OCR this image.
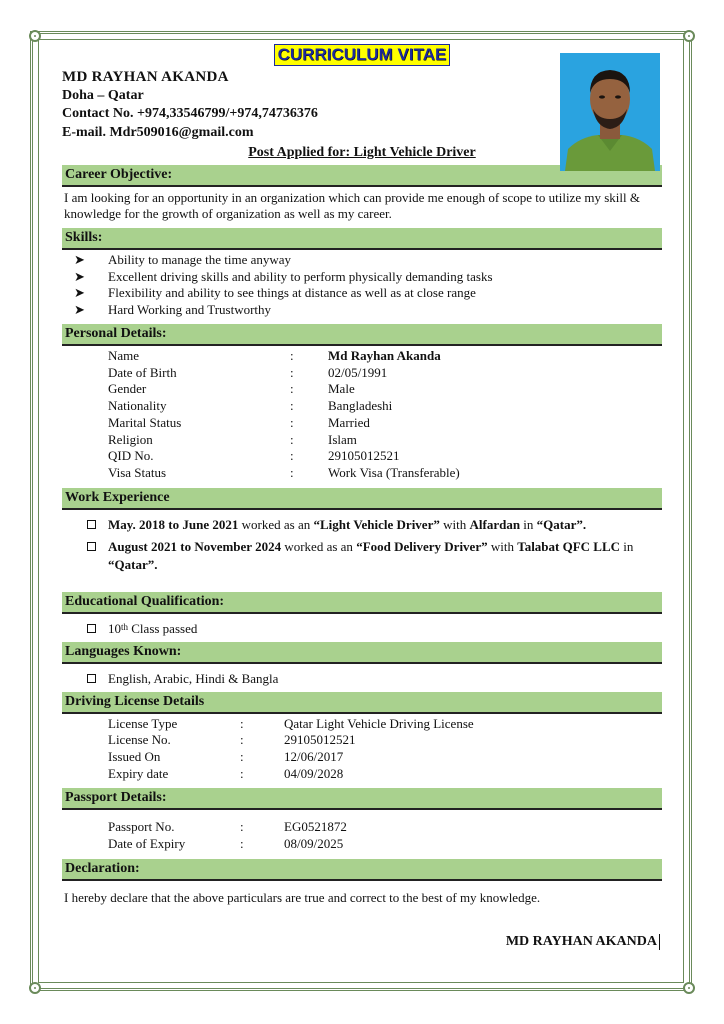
CURRICULUM VITAE
MD RAYHAN AKANDA
Doha – Qatar
Contact No. +974,33546799/+974,74736376
E-mail. Mdr509016@gmail.com
Post Applied for: Light Vehicle Driver
Career Objective:
I am looking for an opportunity in an organization which can provide me enough of scope to utilize my skill & knowledge for the growth of organization as well as my career.
Skills:
➤ Ability to manage the time anyway
➤ Excellent driving skills and ability to perform physically demanding tasks
➤ Flexibility and ability to see things at distance as well as at close range
➤ Hard Working and Trustworthy
Personal Details:
Name	:	Md Rayhan Akanda
Date of Birth	:	02/05/1991
Gender	:	Male
Nationality	:	Bangladeshi
Marital Status	:	Married
Religion	:	Islam
QID No.	:	29105012521
Visa Status	:	Work Visa (Transferable)
Work Experience
May. 2018 to June 2021 worked as an “Light Vehicle Driver” with Alfardan in “Qatar”.
August 2021 to November 2024 worked as an “Food Delivery Driver” with Talabat QFC LLC in “Qatar”.
Educational Qualification:
10th Class passed
Languages Known:
English, Arabic, Hindi & Bangla
Driving License Details
License Type	:	Qatar Light Vehicle Driving License
License No.	:	29105012521
Issued On	:	12/06/2017
Expiry date	:	04/09/2028
Passport Details:
Passport No.	:	EG0521872
Date of Expiry	:	08/09/2025
Declaration:
I hereby declare that the above particulars are true and correct to the best of my knowledge.
MD RAYHAN AKANDA
